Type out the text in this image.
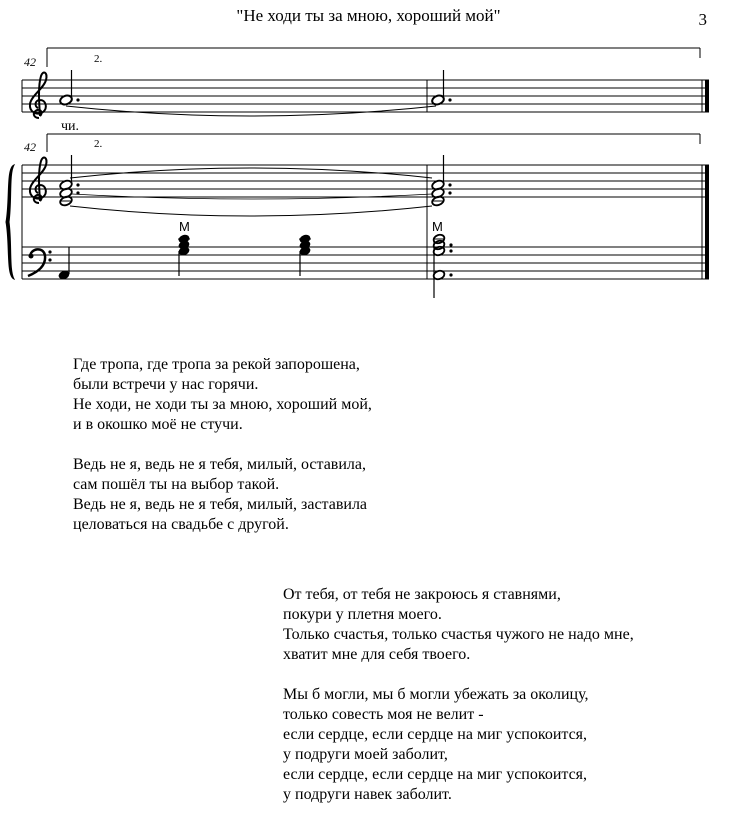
"Не ходи ты за мною, хороший мой"	3
42	2.
чи.
42	2.
М	М
Где тропа, где тропа за рекой запорошена,
были встречи у нас горячи.
Не ходи, не ходи ты за мною, хороший мой,
и в окошко моё не стучи.
Ведь не я, ведь не я тебя, милый, оставила,
сам пошёл ты на выбор такой.
Ведь не я, ведь не я тебя, милый, заставила
целоваться на свадьбе с другой.
От тебя, от тебя не закроюсь я ставнями,
покури у плетня моего.
Только счастья, только счастья чужого не надо мне,
хватит мне для себя твоего.
Мы б могли, мы б могли убежать за околицу,
только совесть моя не велит -
если сердце, если сердце на миг успокоится,
у подруги моей заболит,
если сердце, если сердце на миг успокоится,
у подруги навек заболит.
